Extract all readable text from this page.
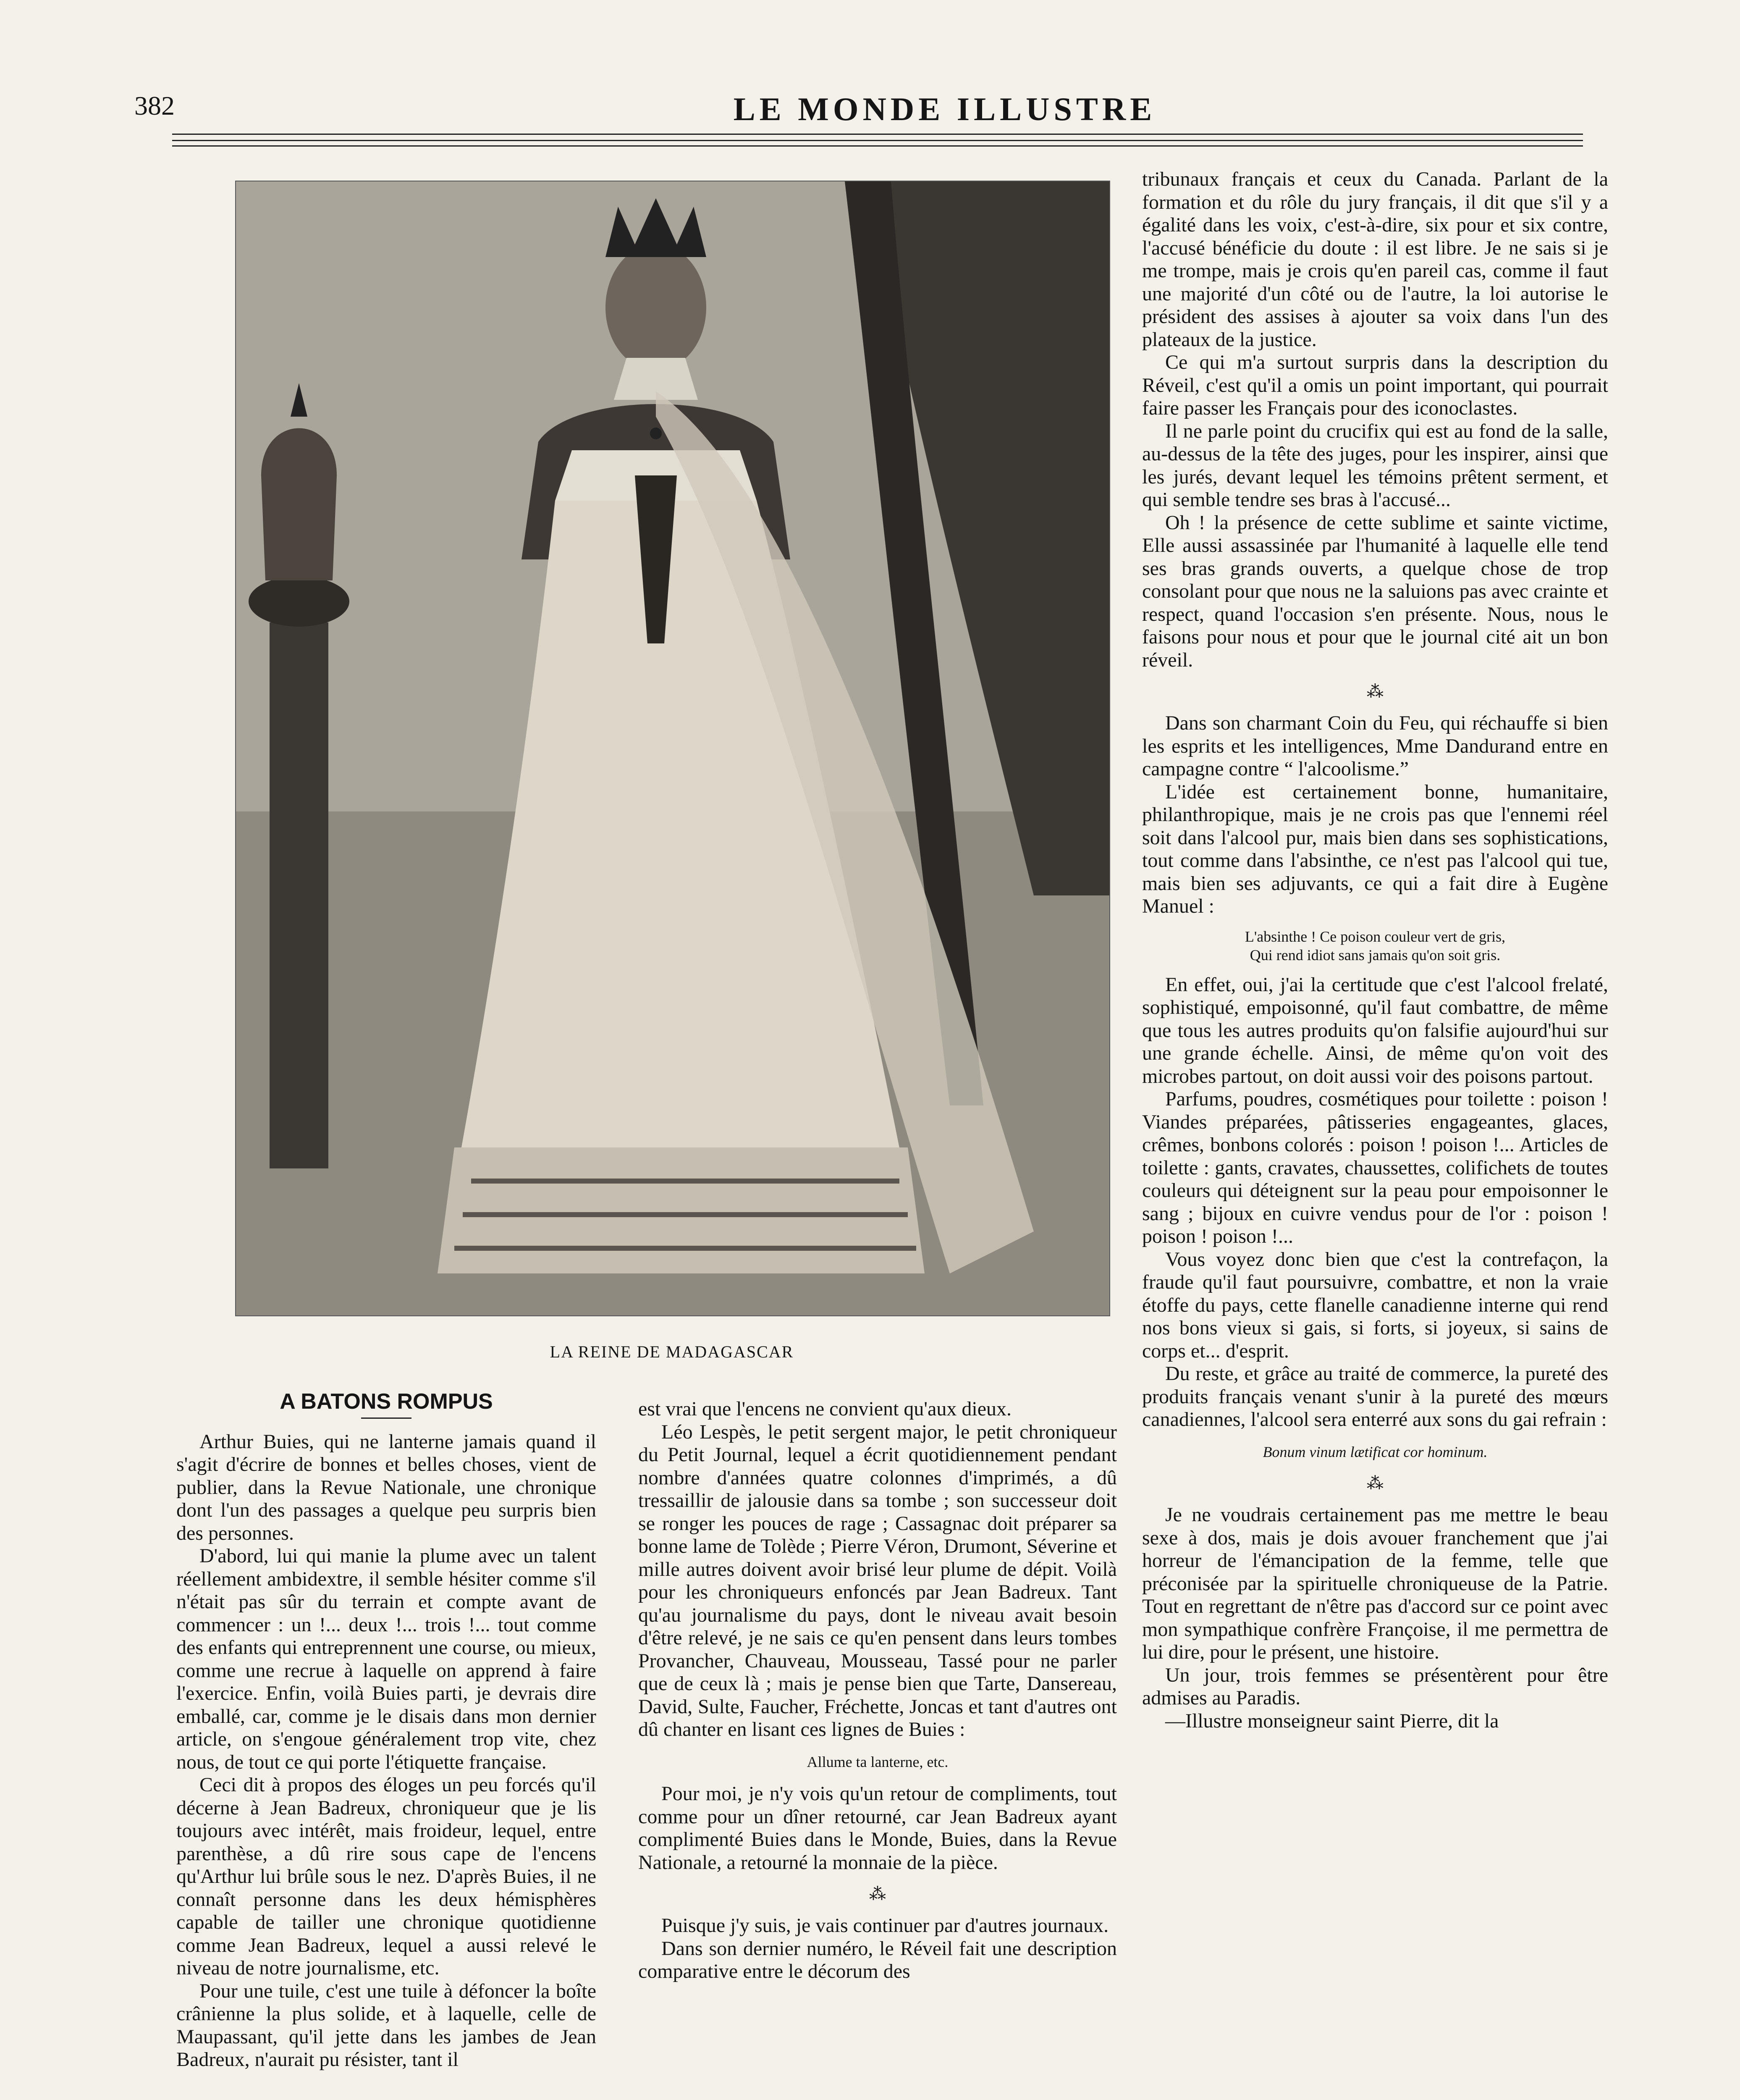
382	LE MONDE ILLUSTRE
LA REINE DE MADAGASCAR

A BATONS ROMPUS

Arthur Buies, qui ne lanterne jamais quand il s'agit d'écrire de bonnes et belles choses, vient de publier, dans la Revue Nationale, une chronique dont l'un des passages a quelque peu surpris bien des personnes.

D'abord, lui qui manie la plume avec un talent réellement ambidextre, il semble hésiter comme s'il n'était pas sûr du terrain et compte avant de commencer : un !... deux !... trois !... tout comme des enfants qui entreprennent une course, ou mieux, comme une recrue à laquelle on apprend à faire l'exercice. Enfin, voilà Buies parti, je devrais dire emballé, car, comme je le disais dans mon dernier article, on s'engoue généralement trop vite, chez nous, de tout ce qui porte l'étiquette française.

Ceci dit à propos des éloges un peu forcés qu'il décerne à Jean Badreux, chroniqueur que je lis toujours avec intérêt, mais froideur, lequel, entre parenthèse, a dû rire sous cape de l'encens qu'Arthur lui brûle sous le nez. D'après Buies, il ne connaît personne dans les deux hémisphères capable de tailler une chronique quotidienne comme Jean Badreux, lequel a aussi relevé le niveau de notre journalisme, etc.

Pour une tuile, c'est une tuile à défoncer la boîte crânienne la plus solide, et à laquelle, celle de Maupassant, qu'il jette dans les jambes de Jean Badreux, n'aurait pu résister, tant il

est vrai que l'encens ne convient qu'aux dieux.

Léo Lespès, le petit sergent major, le petit chroniqueur du Petit Journal, lequel a écrit quotidiennement pendant nombre d'années quatre colonnes d'imprimés, a dû tressaillir de jalousie dans sa tombe ; son successeur doit se ronger les pouces de rage ; Cassagnac doit préparer sa bonne lame de Tolède ; Pierre Véron, Drumont, Séverine et mille autres doivent avoir brisé leur plume de dépit. Voilà pour les chroniqueurs enfoncés par Jean Badreux. Tant qu'au journalisme du pays, dont le niveau avait besoin d'être relevé, je ne sais ce qu'en pensent dans leurs tombes Provancher, Chauveau, Mousseau, Tassé pour ne parler que de ceux là ; mais je pense bien que Tarte, Dansereau, David, Sulte, Faucher, Fréchette, Joncas et tant d'autres ont dû chanter en lisant ces lignes de Buies :

Allume ta lanterne, etc.

Pour moi, je n'y vois qu'un retour de compliments, tout comme pour un dîner retourné, car Jean Badreux ayant complimenté Buies dans le Monde, Buies, dans la Revue Nationale, a retourné la monnaie de la pièce.

⁂

Puisque j'y suis, je vais continuer par d'autres journaux.

Dans son dernier numéro, le Réveil fait une description comparative entre le décorum des

tribunaux français et ceux du Canada. Parlant de la formation et du rôle du jury français, il dit que s'il y a égalité dans les voix, c'est-à-dire, six pour et six contre, l'accusé bénéficie du doute : il est libre. Je ne sais si je me trompe, mais je crois qu'en pareil cas, comme il faut une majorité d'un côté ou de l'autre, la loi autorise le président des assises à ajouter sa voix dans l'un des plateaux de la justice.

Ce qui m'a surtout surpris dans la description du Réveil, c'est qu'il a omis un point important, qui pourrait faire passer les Français pour des iconoclastes.

Il ne parle point du crucifix qui est au fond de la salle, au-dessus de la tête des juges, pour les inspirer, ainsi que les jurés, devant lequel les témoins prêtent serment, et qui semble tendre ses bras à l'accusé...

Oh ! la présence de cette sublime et sainte victime, Elle aussi assassinée par l'humanité à laquelle elle tend ses bras grands ouverts, a quelque chose de trop consolant pour que nous ne la saluions pas avec crainte et respect, quand l'occasion s'en présente. Nous, nous le faisons pour nous et pour que le journal cité ait un bon réveil.

⁂

Dans son charmant Coin du Feu, qui réchauffe si bien les esprits et les intelligences, Mme Dandurand entre en campagne contre “ l'alcoolisme.”

L'idée est certainement bonne, humanitaire, philanthropique, mais je ne crois pas que l'ennemi réel soit dans l'alcool pur, mais bien dans ses sophistications, tout comme dans l'absinthe, ce n'est pas l'alcool qui tue, mais bien ses adjuvants, ce qui a fait dire à Eugène Manuel :

L'absinthe ! Ce poison couleur vert de gris,
Qui rend idiot sans jamais qu'on soit gris.

En effet, oui, j'ai la certitude que c'est l'alcool frelaté, sophistiqué, empoisonné, qu'il faut combattre, de même que tous les autres produits qu'on falsifie aujourd'hui sur une grande échelle. Ainsi, de même qu'on voit des microbes partout, on doit aussi voir des poisons partout.

Parfums, poudres, cosmétiques pour toilette : poison ! Viandes préparées, pâtisseries engageantes, glaces, crêmes, bonbons colorés : poison ! poison !... Articles de toilette : gants, cravates, chaussettes, colifichets de toutes couleurs qui déteignent sur la peau pour empoisonner le sang ; bijoux en cuivre vendus pour de l'or : poison ! poison ! poison !...

Vous voyez donc bien que c'est la contrefaçon, la fraude qu'il faut poursuivre, combattre, et non la vraie étoffe du pays, cette flanelle canadienne interne qui rend nos bons vieux si gais, si forts, si joyeux, si sains de corps et... d'esprit.

Du reste, et grâce au traité de commerce, la pureté des produits français venant s'unir à la pureté des mœurs canadiennes, l'alcool sera enterré aux sons du gai refrain :

Bonum vinum lætificat cor hominum.

⁂

Je ne voudrais certainement pas me mettre le beau sexe à dos, mais je dois avouer franchement que j'ai horreur de l'émancipation de la femme, telle que préconisée par la spirituelle chroniqueuse de la Patrie. Tout en regrettant de n'être pas d'accord sur ce point avec mon sympathique confrère Françoise, il me permettra de lui dire, pour le présent, une histoire.

Un jour, trois femmes se présentèrent pour être admises au Paradis.

—Illustre monseigneur saint Pierre, dit la
